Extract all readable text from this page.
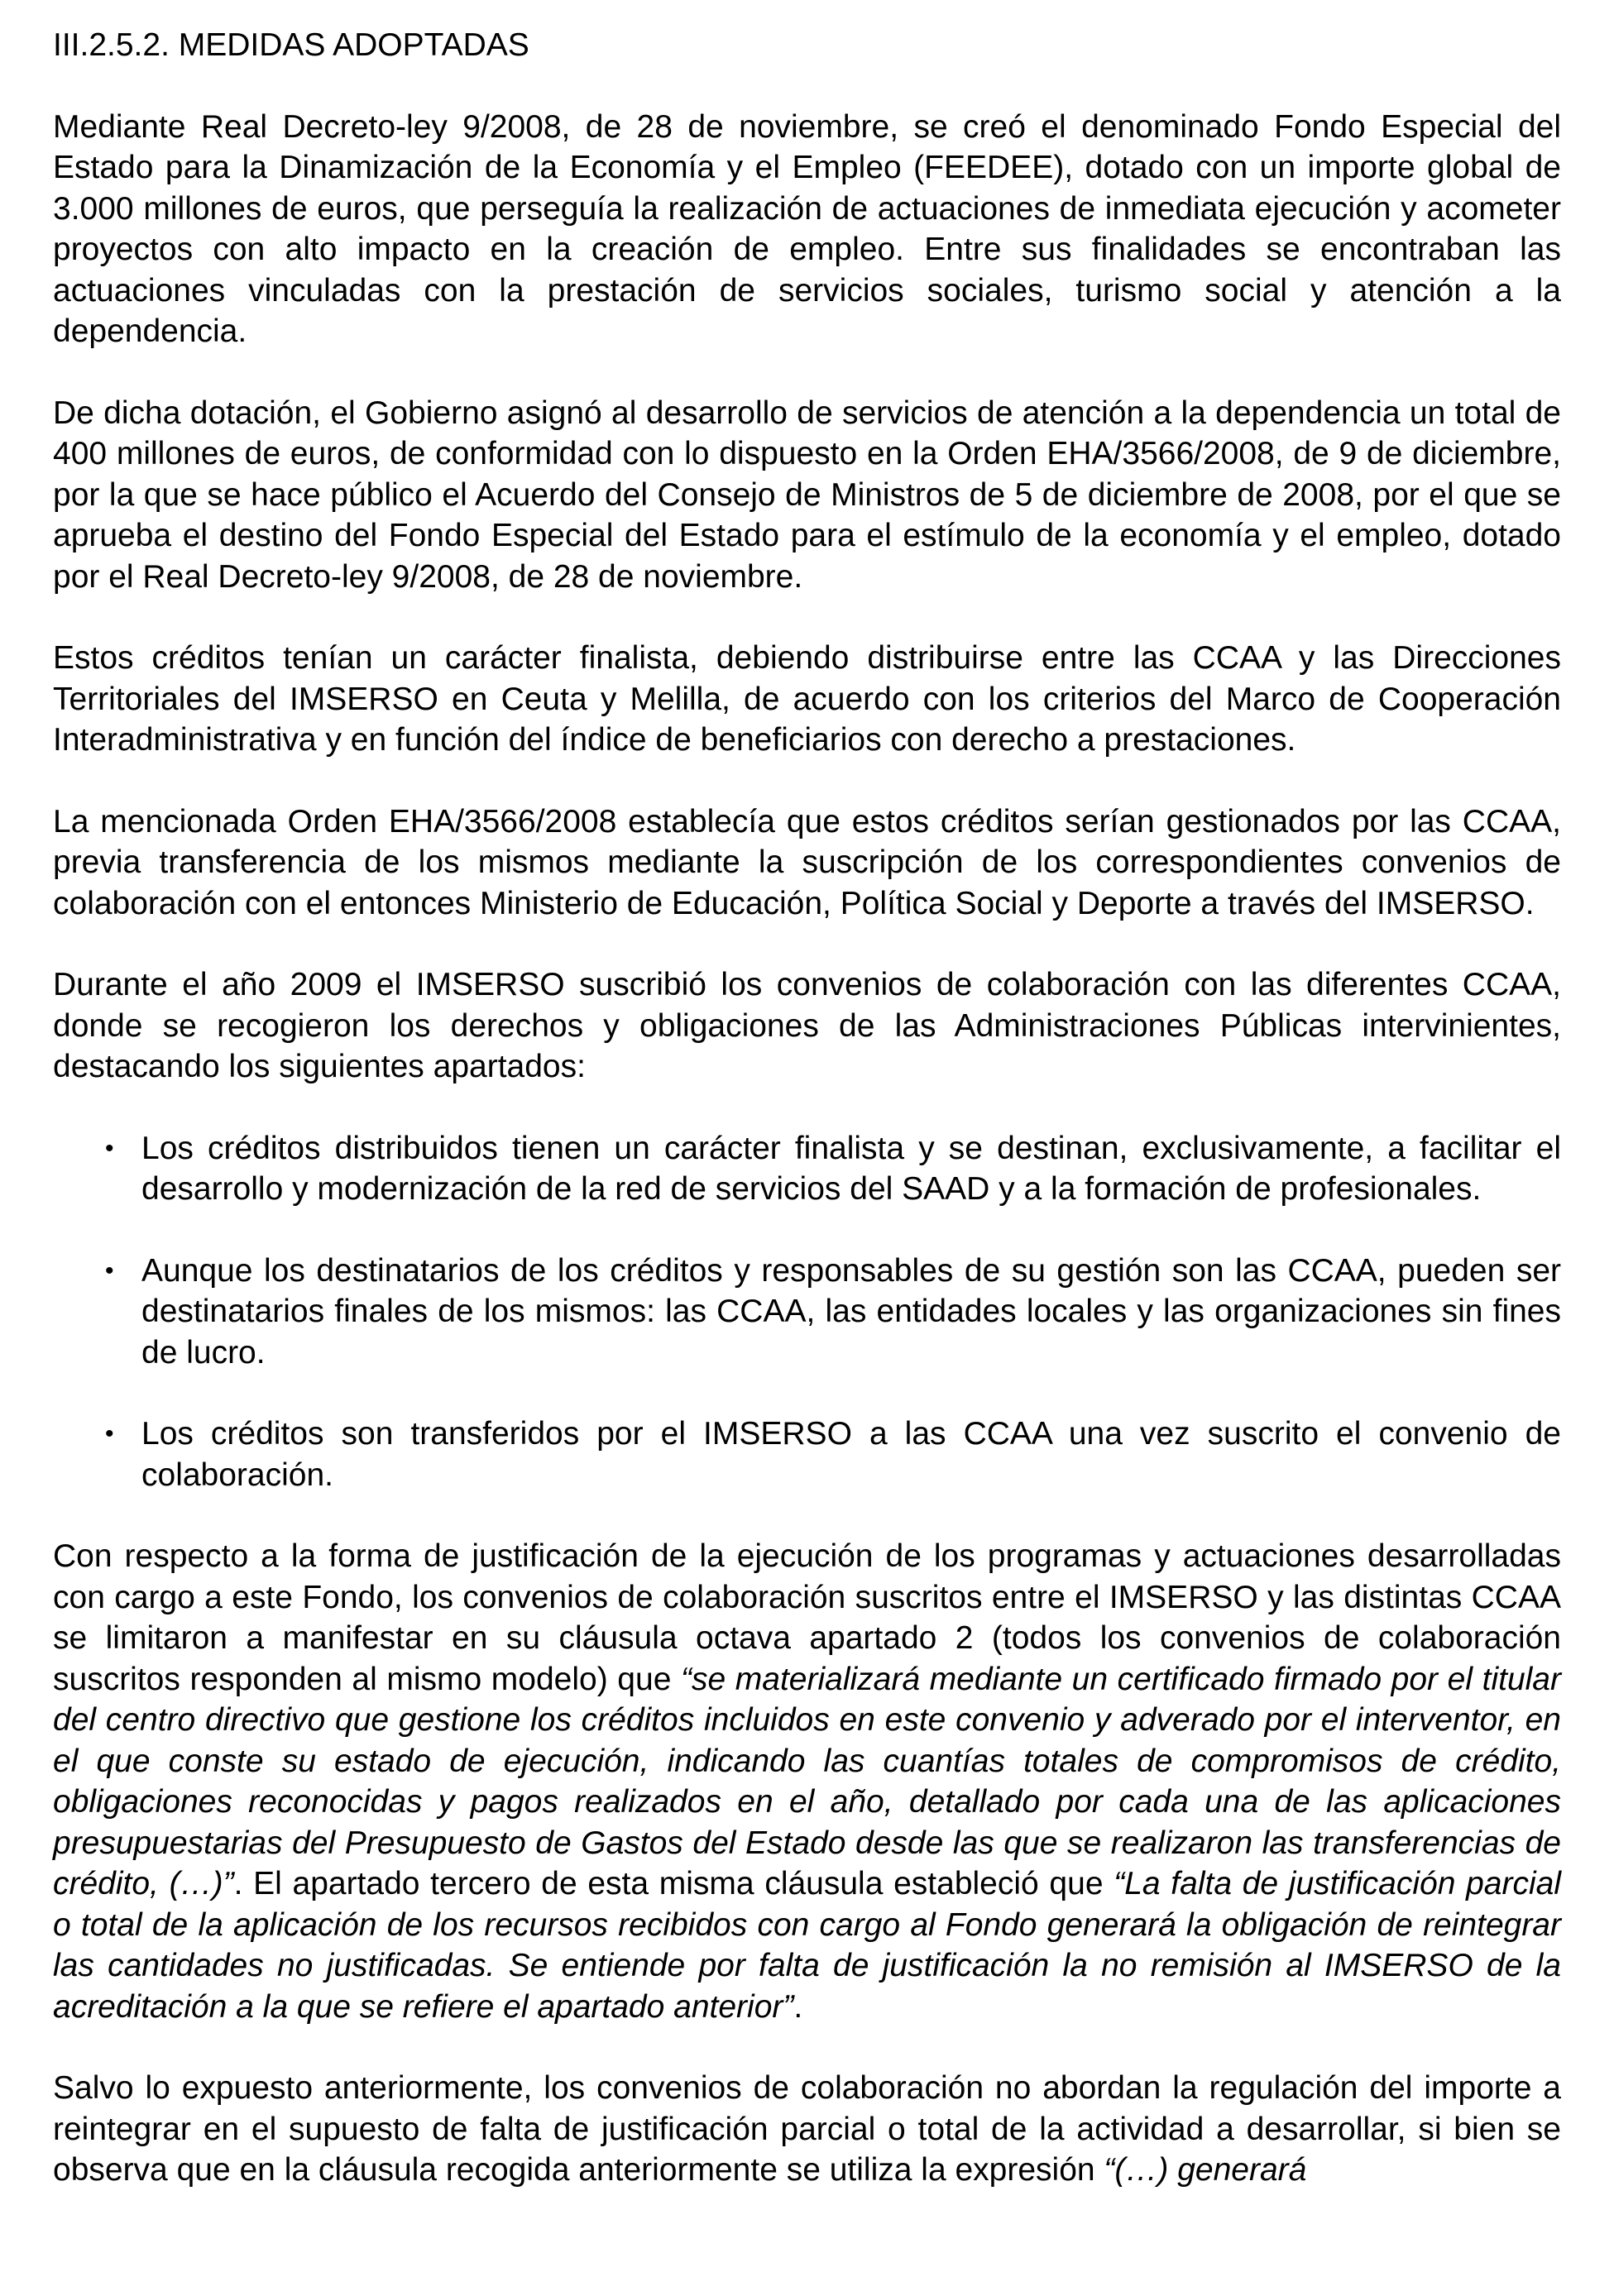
III.2.5.2. MEDIDAS ADOPTADAS

Mediante Real Decreto-ley 9/2008, de 28 de noviembre, se creó el denominado Fondo Especial del Estado para la Dinamización de la Economía y el Empleo (FEEDEE), dotado con un importe global de 3.000 millones de euros, que perseguía la realización de actuaciones de inmediata ejecución y acometer proyectos con alto impacto en la creación de empleo. Entre sus finalidades se encontraban las actuaciones vinculadas con la prestación de servicios sociales, turismo social y atención a la dependencia.

De dicha dotación, el Gobierno asignó al desarrollo de servicios de atención a la dependencia un total de 400 millones de euros, de conformidad con lo dispuesto en la Orden EHA/3566/2008, de 9 de diciembre, por la que se hace público el Acuerdo del Consejo de Ministros de 5 de diciembre de 2008, por el que se aprueba el destino del Fondo Especial del Estado para el estímulo de la economía y el empleo, dotado por el Real Decreto-ley 9/2008, de 28 de noviembre.

Estos créditos tenían un carácter finalista, debiendo distribuirse entre las CCAA y las Direcciones Territoriales del IMSERSO en Ceuta y Melilla, de acuerdo con los criterios del Marco de Cooperación Interadministrativa y en función del índice de beneficiarios con derecho a prestaciones.

La mencionada Orden EHA/3566/2008 establecía que estos créditos serían gestionados por las CCAA, previa transferencia de los mismos mediante la suscripción de los correspondientes convenios de colaboración con el entonces Ministerio de Educación, Política Social y Deporte a través del IMSERSO.

Durante el año 2009 el IMSERSO suscribió los convenios de colaboración con las diferentes CCAA, donde se recogieron los derechos y obligaciones de las Administraciones Públicas intervinientes, destacando los siguientes apartados:

• Los créditos distribuidos tienen un carácter finalista y se destinan, exclusivamente, a facilitar el desarrollo y modernización de la red de servicios del SAAD y a la formación de profesionales.
• Aunque los destinatarios de los créditos y responsables de su gestión son las CCAA, pueden ser destinatarios finales de los mismos: las CCAA, las entidades locales y las organizaciones sin fines de lucro.
• Los créditos son transferidos por el IMSERSO a las CCAA una vez suscrito el convenio de colaboración.

Con respecto a la forma de justificación de la ejecución de los programas y actuaciones desarrolladas con cargo a este Fondo, los convenios de colaboración suscritos entre el IMSERSO y las distintas CCAA se limitaron a manifestar en su cláusula octava apartado 2 (todos los convenios de colaboración suscritos responden al mismo modelo) que “se materializará mediante un certificado firmado por el titular del centro directivo que gestione los créditos incluidos en este convenio y adverado por el interventor, en el que conste su estado de ejecución, indicando las cuantías totales de compromisos de crédito, obligaciones reconocidas y pagos realizados en el año, detallado por cada una de las aplicaciones presupuestarias del Presupuesto de Gastos del Estado desde las que se realizaron las transferencias de crédito, (…)”. El apartado tercero de esta misma cláusula estableció que “La falta de justificación parcial o total de la aplicación de los recursos recibidos con cargo al Fondo generará la obligación de reintegrar las cantidades no justificadas. Se entiende por falta de justificación la no remisión al IMSERSO de la acreditación a la que se refiere el apartado anterior”.

Salvo lo expuesto anteriormente, los convenios de colaboración no abordan la regulación del importe a reintegrar en el supuesto de falta de justificación parcial o total de la actividad a desarrollar, si bien se observa que en la cláusula recogida anteriormente se utiliza la expresión “(…) generará
